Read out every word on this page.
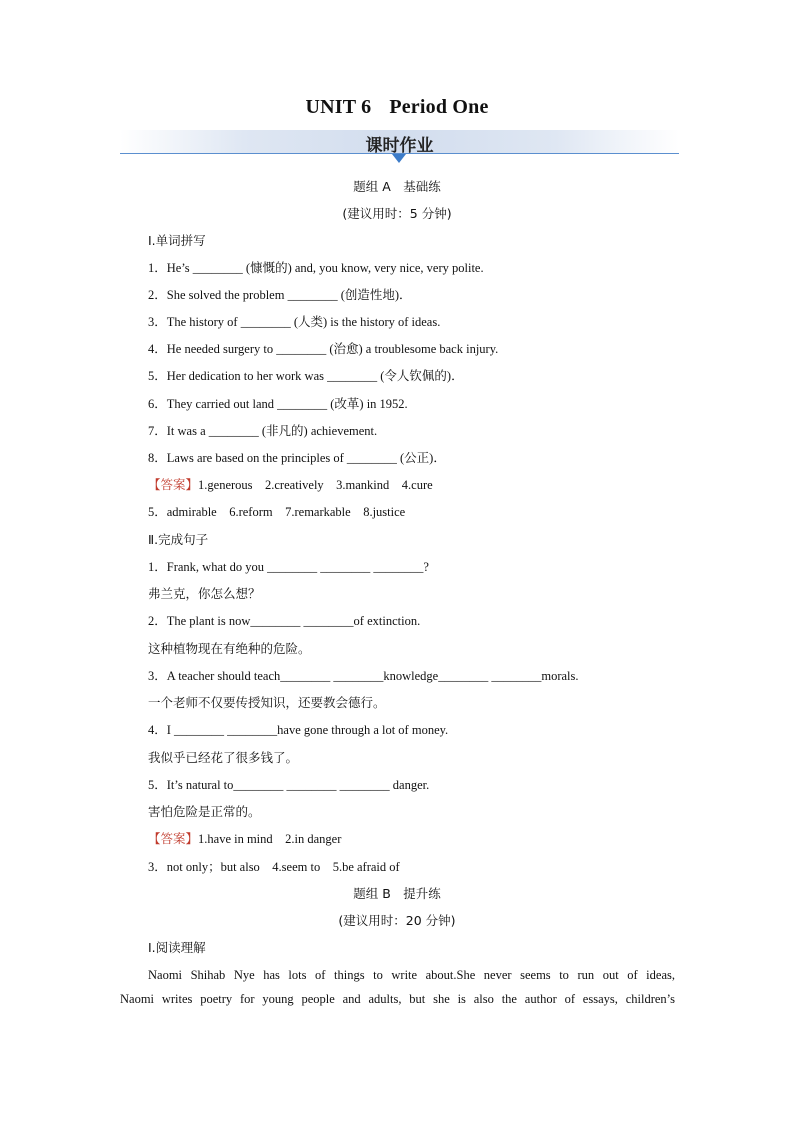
UNIT 6 Period One
课时作业
题组 A　基础练
(建议用时：5 分钟)
Ⅰ.单词拼写
1．He’s ________ (慷慨的) and, you know, very nice, very polite.
2．She solved the problem ________ (创造性地)．
3．The history of ________ (人类) is the history of ideas.
4．He needed surgery to ________ (治愈) a troublesome back injury.
5．Her dedication to her work was ________ (令人钦佩的)．
6．They carried out land ________ (改革) in 1952.
7．It was a ________ (非凡的) achievement.
8．Laws are based on the principles of ________ (公正)．
【答案】1.generous　2.creatively　3.mankind　4.cure
5．admirable　6.reform　7.remarkable　8.justice
Ⅱ.完成句子
1．Frank, what do you ________ ________ ________?
弗兰克，你怎么想？
2．The plant is now________ ________of extinction.
这种植物现在有绝种的危险。
3．A teacher should teach________ ________knowledge________ ________morals.
一个老师不仅要传授知识，还要教会德行。
4．I ________ ________have gone through a lot of money.
我似乎已经花了很多钱了。
5．It’s natural to________ ________ ________ danger.
害怕危险是正常的。
【答案】1.have in mind　2.in danger
3．not only；but also　4.seem to　5.be afraid of
题组 B　提升练
(建议用时：20 分钟)
Ⅰ.阅读理解
Naomi Shihab Nye has lots of things to write about.She never seems to run out of ideas,
Naomi writes poetry for young people and adults, but she is also the author of essays, children’s
